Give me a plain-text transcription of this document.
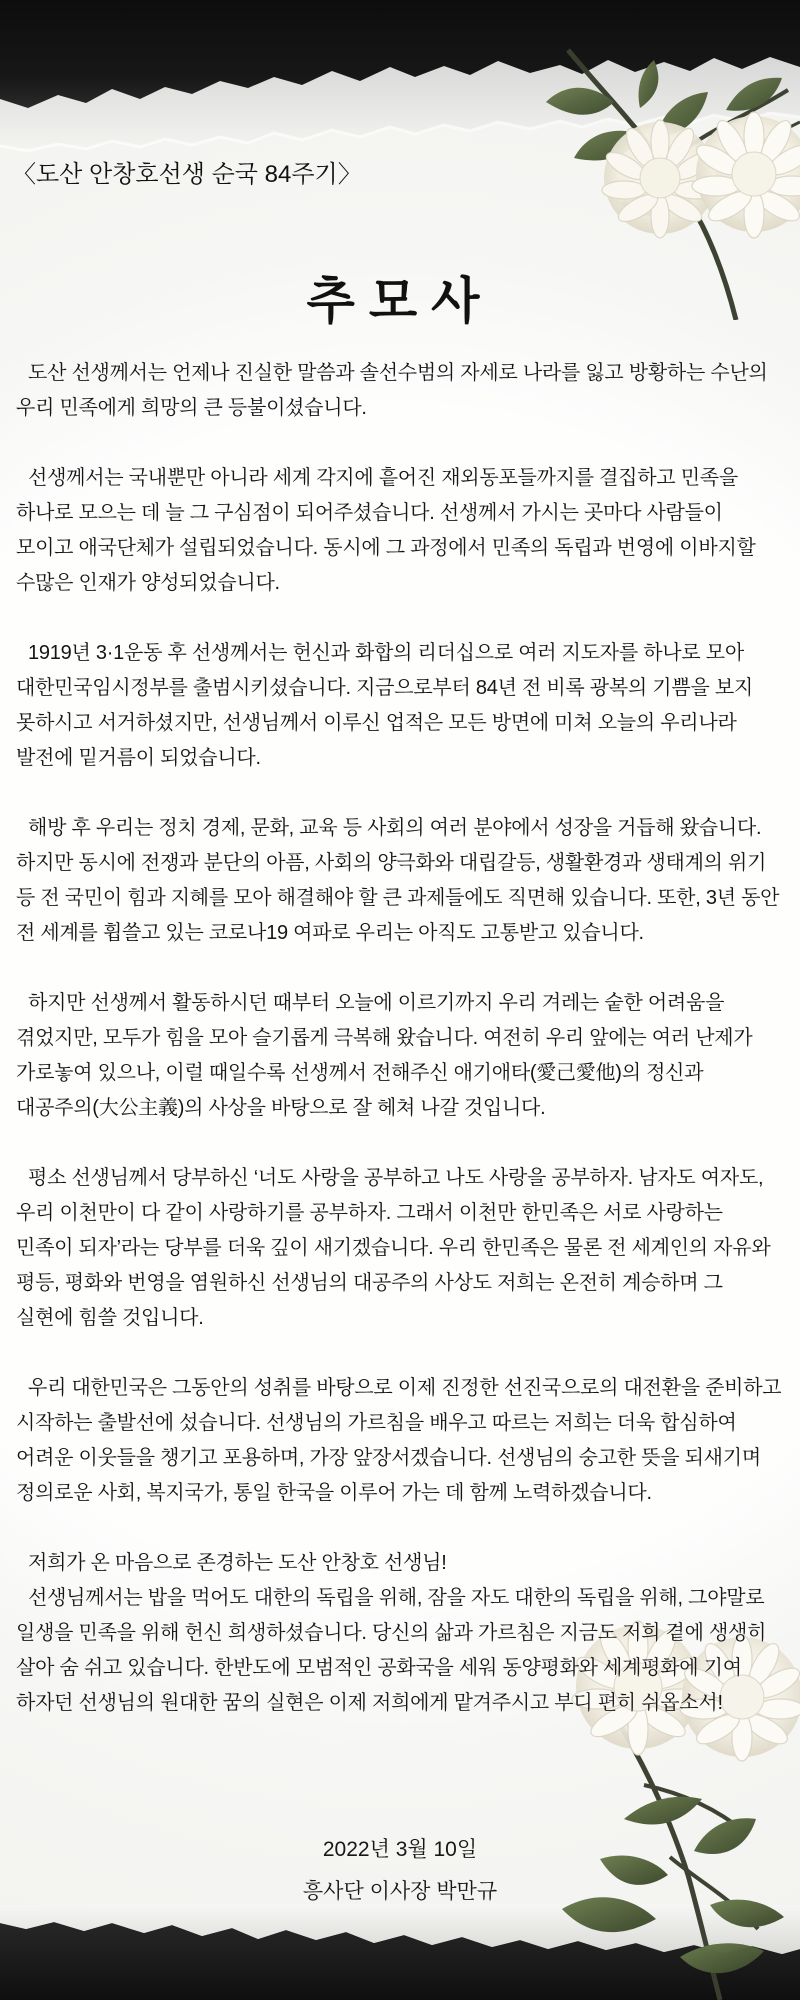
〈도산 안창호선생 순국 84주기〉
추모사

도산 선생께서는 언제나 진실한 말씀과 솔선수범의 자세로 나라를 잃고 방황하는 수난의 우리 민족에게 희망의 큰 등불이셨습니다.

선생께서는 국내뿐만 아니라 세계 각지에 흩어진 재외동포들까지를 결집하고 민족을 하나로 모으는 데 늘 그 구심점이 되어주셨습니다. 선생께서 가시는 곳마다 사람들이 모이고 애국단체가 설립되었습니다. 동시에 그 과정에서 민족의 독립과 번영에 이바지할 수많은 인재가 양성되었습니다.

1919년 3·1운동 후 선생께서는 헌신과 화합의 리더십으로 여러 지도자를 하나로 모아 대한민국임시정부를 출범시키셨습니다. 지금으로부터 84년 전 비록 광복의 기쁨을 보지 못하시고 서거하셨지만, 선생님께서 이루신 업적은 모든 방면에 미쳐 오늘의 우리나라 발전에 밑거름이 되었습니다.

해방 후 우리는 정치 경제, 문화, 교육 등 사회의 여러 분야에서 성장을 거듭해 왔습니다. 하지만 동시에 전쟁과 분단의 아픔, 사회의 양극화와 대립갈등, 생활환경과 생태계의 위기 등 전 국민이 힘과 지혜를 모아 해결해야 할 큰 과제들에도 직면해 있습니다. 또한, 3년 동안 전 세계를 휩쓸고 있는 코로나19 여파로 우리는 아직도 고통받고 있습니다.

하지만 선생께서 활동하시던 때부터 오늘에 이르기까지 우리 겨레는 숱한 어려움을 겪었지만, 모두가 힘을 모아 슬기롭게 극복해 왔습니다. 여전히 우리 앞에는 여러 난제가 가로놓여 있으나, 이럴 때일수록 선생께서 전해주신 애기애타(愛己愛他)의 정신과 대공주의(大公主義)의 사상을 바탕으로 잘 헤쳐 나갈 것입니다.

평소 선생님께서 당부하신 ‘너도 사랑을 공부하고 나도 사랑을 공부하자. 남자도 여자도, 우리 이천만이 다 같이 사랑하기를 공부하자. 그래서 이천만 한민족은 서로 사랑하는 민족이 되자’라는 당부를 더욱 깊이 새기겠습니다. 우리 한민족은 물론 전 세계인의 자유와 평등, 평화와 번영을 염원하신 선생님의 대공주의 사상도 저희는 온전히 계승하며 그 실현에 힘쓸 것입니다.

우리 대한민국은 그동안의 성취를 바탕으로 이제 진정한 선진국으로의 대전환을 준비하고 시작하는 출발선에 섰습니다. 선생님의 가르침을 배우고 따르는 저희는 더욱 합심하여 어려운 이웃들을 챙기고 포용하며, 가장 앞장서겠습니다. 선생님의 숭고한 뜻을 되새기며 정의로운 사회, 복지국가, 통일 한국을 이루어 가는 데 함께 노력하겠습니다.

저희가 온 마음으로 존경하는 도산 안창호 선생님!

선생님께서는 밥을 먹어도 대한의 독립을 위해, 잠을 자도 대한의 독립을 위해, 그야말로 일생을 민족을 위해 헌신 희생하셨습니다. 당신의 삶과 가르침은 지금도 저희 곁에 생생히 살아 숨 쉬고 있습니다. 한반도에 모범적인 공화국을 세워 동양평화와 세계평화에 기여 하자던 선생님의 원대한 꿈의 실현은 이제 저희에게 맡겨주시고 부디 편히 쉬옵소서!

2022년 3월 10일
흥사단 이사장 박만규
